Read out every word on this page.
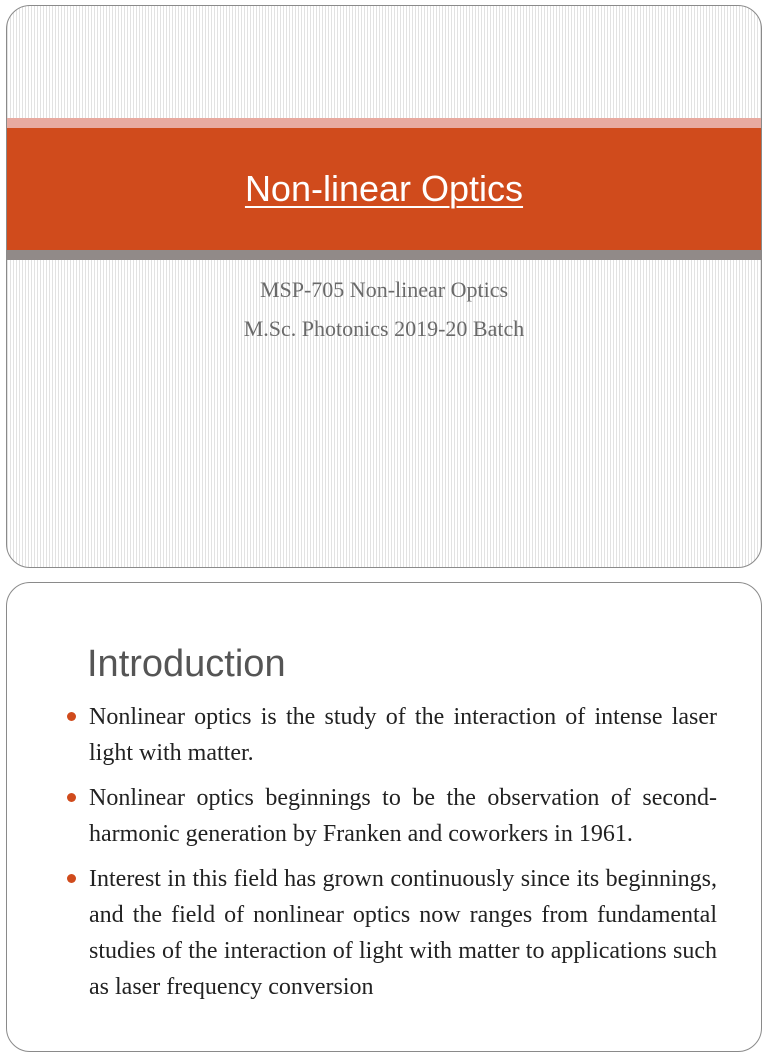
Non-linear Optics
MSP-705 Non-linear Optics
M.Sc. Photonics 2019-20 Batch
Introduction
Nonlinear optics is the study of the interaction of intense laser light with matter.
Nonlinear optics beginnings to be the observation of second-harmonic generation by Franken and coworkers in 1961.
Interest in this field has grown continuously since its beginnings, and the field of nonlinear optics now ranges from fundamental studies of the interaction of light with matter to applications such as laser frequency conversion
